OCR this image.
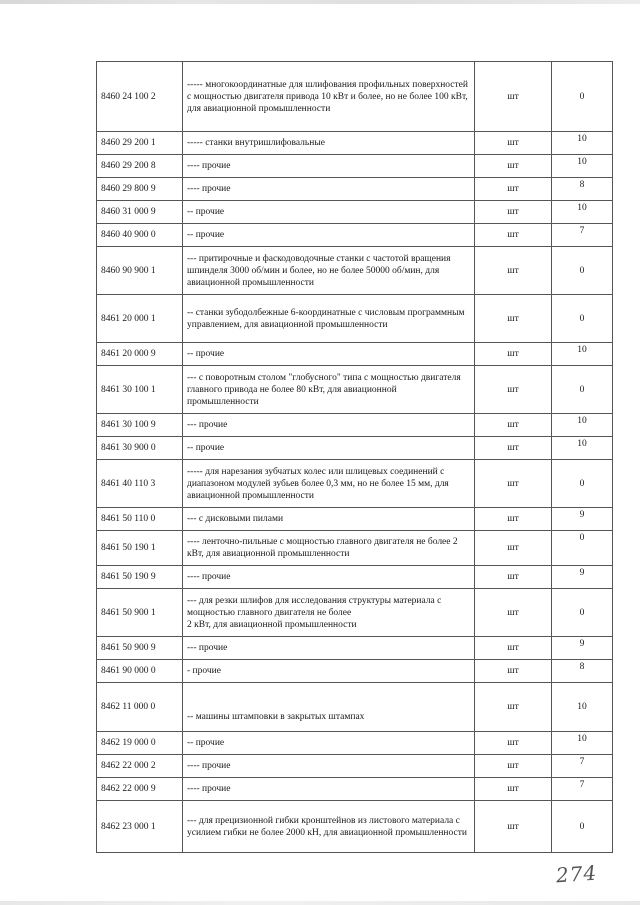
8460 24 100 2	----- многокоординатные для шлифования профильных поверхностей с мощностью двигателя привода 10 кВт и более, но не более 100 кВт, для авиационной промышленности	шт	0
8460 29 200 1	----- станки внутришлифовальные	шт	10

8460 29 200 8	---- прочие	шт	10

8460 29 800 9	---- прочие	шт	8

8460 31 000 9	-- прочие	шт	10

8460 40 900 0	-- прочие	шт	7

8460 90 900 1	--- притирочные и фаскодоводочные станки с частотой вращения шпинделя 3000 об/мин и более, но не более 50000 об/мин, для авиационной промышленности	шт	0
8461 20 000 1	-- станки зубодолбежные 6-координатные с числовым программным управлением, для авиационной промышленности	шт	0
8461 20 000 9	-- прочие	шт	10

8461 30 100 1	--- с поворотным столом "глобусного" типа с мощностью двигателя главного привода не более 80 кВт, для авиационной промышленности	шт	0
8461 30 100 9	--- прочие	шт	10

8461 30 900 0	-- прочие	шт	10

8461 40 110 3	----- для нарезания зубчатых колес или шлицевых соединений с диапазоном модулей зубьев более 0,3 мм, но не более 15 мм, для авиационной промышленности	шт	0
8461 50 110 0	--- с дисковыми пилами	шт	9

8461 50 190 1	---- ленточно-пильные с мощностью главного двигателя не более 2 кВт, для авиационной промышленности	шт	0

8461 50 190 9	---- прочие	шт	9

8461 50 900 1	--- для резки шлифов для исследования структуры материала с мощностью главного двигателя не более
2 кВт, для авиационной промышленности	шт	0
8461 50 900 9	--- прочие	шт	9

8461 90 000 0	- прочие	шт	8

8462 11 000 0	-- машины штамповки в закрытых штампах	шт	10
8462 19 000 0	-- прочие	шт	10

8462 22 000 2	---- прочие	шт	7

8462 22 000 9	---- прочие	шт	7

8462 23 000 1	--- для прецизионной гибки кронштейнов из листового материала с усилием гибки не более 2000 кН, для авиационной промышленности	шт	0
274
